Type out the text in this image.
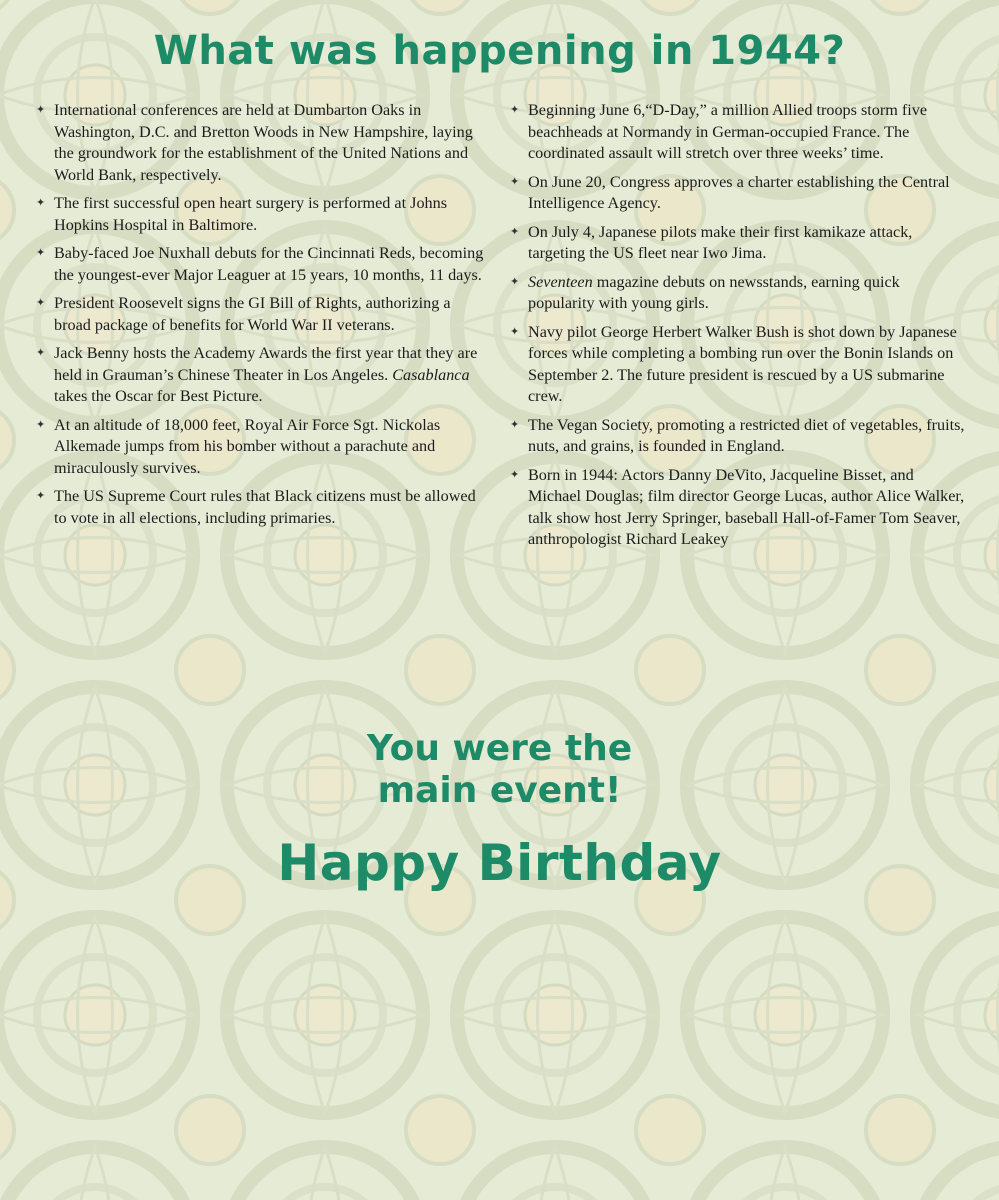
What was happening in 1944?
✦ International conferences are held at Dumbarton Oaks in Washington, D.C. and Bretton Woods in New Hampshire, laying the groundwork for the establishment of the United Nations and World Bank, respectively.
✦ The first successful open heart surgery is performed at Johns Hopkins Hospital in Baltimore.
✦ Baby-faced Joe Nuxhall debuts for the Cincinnati Reds, becoming the youngest-ever Major Leaguer at 15 years, 10 months, 11 days.
✦ President Roosevelt signs the GI Bill of Rights, authorizing a broad package of benefits for World War II veterans.
✦ Jack Benny hosts the Academy Awards the first year that they are held in Grauman’s Chinese Theater in Los Angeles. Casablanca takes the Oscar for Best Picture.
✦ At an altitude of 18,000 feet, Royal Air Force Sgt. Nickolas Alkemade jumps from his bomber without a parachute and miraculously survives.
✦ The US Supreme Court rules that Black citizens must be allowed to vote in all elections, including primaries.
✦ Beginning June 6,“D-Day,” a million Allied troops storm five beachheads at Normandy in German-occupied France. The coordinated assault will stretch over three weeks’ time.
✦ On June 20, Congress approves a charter establishing the Central Intelligence Agency.
✦ On July 4, Japanese pilots make their first kamikaze attack, targeting the US fleet near Iwo Jima.
✦ Seventeen magazine debuts on newsstands, earning quick popularity with young girls.
✦ Navy pilot George Herbert Walker Bush is shot down by Japanese forces while completing a bombing run over the Bonin Islands on September 2. The future president is rescued by a US submarine crew.
✦ The Vegan Society, promoting a restricted diet of vegetables, fruits, nuts, and grains, is founded in England.
✦ Born in 1944: Actors Danny DeVito, Jacqueline Bisset, and Michael Douglas; film director George Lucas, author Alice Walker, talk show host Jerry Springer, baseball Hall-of-Famer Tom Seaver, anthropologist Richard Leakey
You were the
main event!
Happy Birthday
